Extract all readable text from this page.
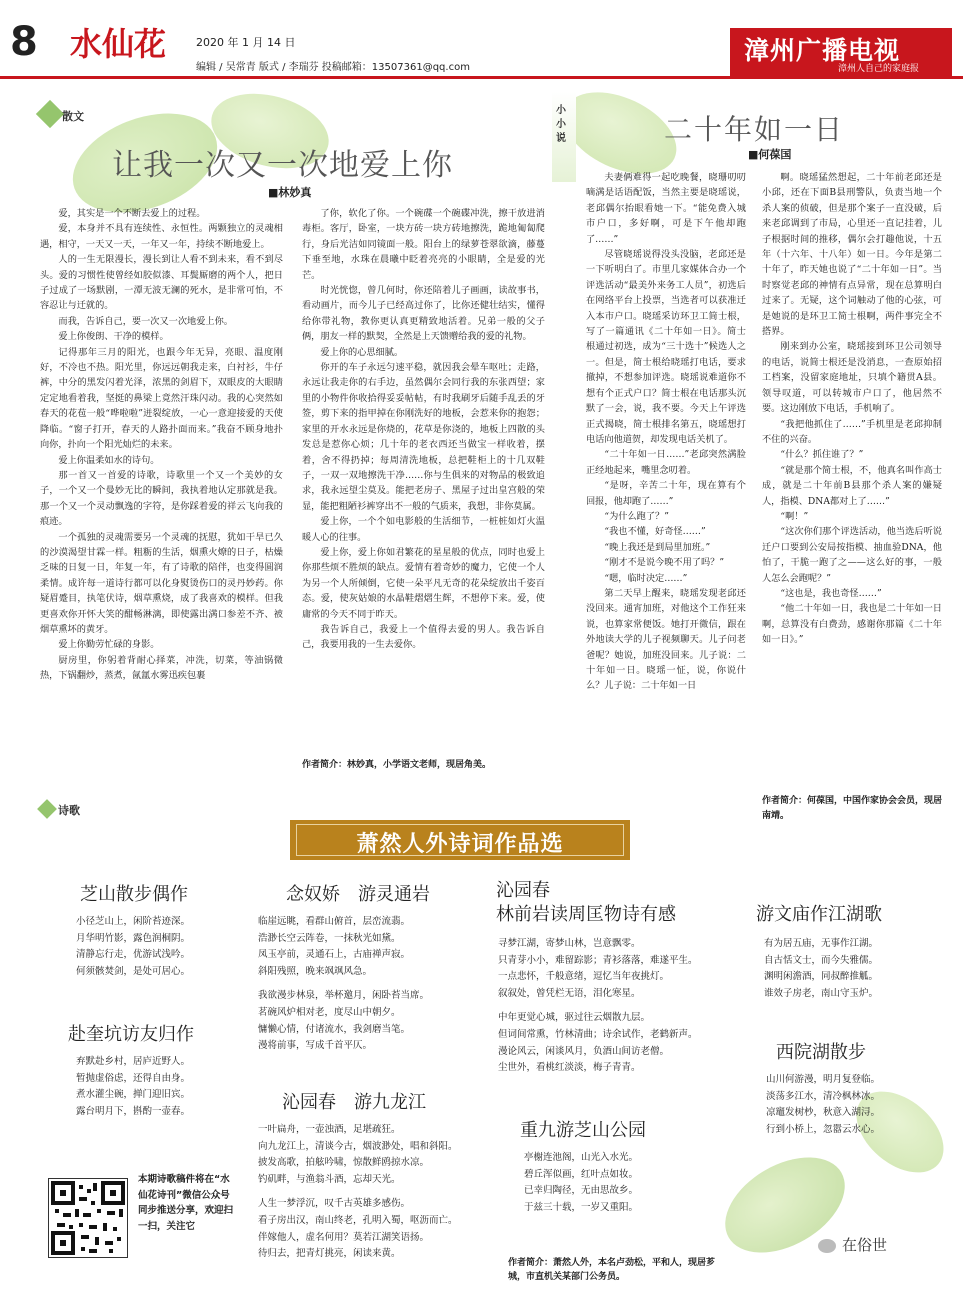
8 水仙花	2020 年 1 月 14 日
编辑 / 吴常青 版式 / 李瑞芬 投稿邮箱：13507361@qq.com
漳州广播电视
漳州人自己的家庭报
散文
让我一次又一次地爱上你
■林妙真

爱，其实是一个不断去爱上的过程。

爱，本身并不具有连续性、永恒性。两颗独立的灵魂相遇，相守，一天又一天，一年又一年，持续不断地爱上。

人的一生无限漫长，漫长到让人看不到未来，看不到尽头。爱的习惯性使曾经如胶似漆、耳鬓厮磨的两个人，把日子过成了一场默剧，一潭无波无澜的死水，是非常可怕，不容忍让与迁就的。

而我，告诉自己，要一次又一次地爱上你。

爱上你俊朗、干净的模样。

记得那年三月的阳光，也跟今年无异，亮眼、温度刚好，不冷也不热。阳光里，你远远朝我走来，白衬衫，牛仔裤，中分的黑发闪着光泽，浓黑的剑眉下，双眼皮的大眼睛定定地看着我，坚挺的鼻梁上竟然汗珠闪动。我的心突然如春天的花苞一般“哗啦啦”迸裂绽放，一心一意迎接爱的天使降临。“窗子打开，春天的人路扑面而来。”我奋不顾身地扑向你，扑向一个阳光灿烂的未来。

爱上你温柔如水的诗句。

那一首又一首爱的诗歌，诗歌里一个又一个美妙的女子，一个又一个曼妙无比的瞬间，我执着地认定那就是我。那一个又一个灵动飘逸的字符，是你踩着爱的祥云飞向我的痕迹。

一个孤独的灵魂需要另一个灵魂的抚慰，犹如干旱已久的沙漠渴望甘霖一样。粗粝的生活，烟熏火燎的日子，枯燥乏味的日复一日，年复一年，有了诗歌的陪伴，也变得圆润柔情。成许每一道诗行都可以化身熨烫伤口的灵丹妙药。你疑眉蹙目，执笔伏诗，烟草熏烧，成了我喜欢的模样。但我更喜欢你开怀大笑的酣畅淋漓，即使露出满口参差不齐、被烟草熏坏的黄牙。

爱上你勤劳忙碌的身影。

厨房里，你躬着背耐心择菜，冲洗，切菜，等油锅微热，下锅翻炒，蒸煮，氤氲水雾迅疾包裹

了你，软化了你。一个碗碟一个碗碟冲洗，擦干放进消毒柜。客厅，卧室，一块方砖一块方砖地擦洗，跪地匍匐爬行，身后光洁如同镜面一般。阳台上的绿萝苍翠欲滴，藤蔓下垂至地，水珠在晨曦中眨着亮亮的小眼睛，全是爱的光芒。

时光恍惚，曾几何时，你还陪着儿子画画，读故事书，看动画片，而今儿子已经高过你了，比你还健壮结实，懂得给你带礼物，教你更认真更精致地活着。兄弟一般的父子俩，朋友一样的默契，全然是上天馈赠给我的爱的礼物。

爱上你的心思细腻。

你开的车子永远匀速平稳，就因我会晕车呕吐；走路，永远让我走你的右手边，虽然偶尔会同行我的东张西望；家里的小物件你收拾得妥妥帖帖，有时我刷牙后随手乱丢的牙签，剪下来的指甲掉在你刚洗好的地板，会惹来你的抱怨；家里的开水永远是你烧的，花草是你浇的，地板上四散的头发总是惹你心烦；几十年的老衣西还当做宝一样收着，摆着，舍不得扔掉；每周清洗地板，总把鞋柜上的十几双鞋子，一双一双地擦洗干净……你与生俱来的对物品的极致追求，我永远望尘莫及。能把老房子、黑屋子过出皇宫般的荣显，能把粗陋衫裤穿出不一般的气质来，我想，非你莫属。

爱上你，一个个如电影般的生活细节，一桩桩如灯火温暖人心的往事。

爱上你，爱上你如君繁花的星星般的优点，同时也爱上你那些烦不胜烦的缺点。爱情有着奇妙的魔力，它使一个人为另一个人所倾倒，它使一朵平凡无奇的花朵绽放出千姿百态。爱，使灰姑娘的水晶鞋熠熠生辉，不想停下来。爱，使庸常的今天不同于昨天。

我告诉自己，我爱上一个值得去爱的男人。我告诉自己，我要用我的一生去爱你。

作者简介：林妙真，小学语文老师，现居角美。

小小说	二十年如一日
■何葆国

夫妻俩难得一起吃晚餐，晓珊叨叨嘀满是话语配饭，当然主要是晓瑶说，老邱偶尔抬眼看她一下。“能免费入城市户口，多好啊，可是下午他却跑了……”

尽管晓瑶说得没头没脑，老邱还是一下听明白了。市里几家媒体合办一个评选活动“最美外来务工人员”，初选后在网络平台上投票，当选者可以获准迁入本市户口。晓瑶采访环卫工简士根，写了一篇通讯《二十年如一日》。简士根通过初选，成为“三十选十”候选人之一。但是，简士根给晓瑶打电话，要求撤掉，不想参加评选。晓瑶说难道你不想有个正式户口？简士根在电话那头沉默了一会，说，我不要。今天上午评选正式揭晓，简士根排名第五，晓瑶想打电话向他道贺，却发现电话关机了。

“二十年如一日……”老邱突然满脸正经地起来，嘴里念叨着。

“是呀，辛苦二十年，现在算有个回报，他却跑了……”

“为什么跑了？”

“我也不懂，好奇怪……”

“晚上我还是到局里加班。”

“刚才不是说今晚不用了吗？”

“嗯，临时决定……”

第二天早上醒来，晓瑶发现老邱还没回来。通宵加班，对他这个工作狂来说，也算家常便饭。她打开微信，跟在外地读大学的儿子视频聊天。儿子问老爸呢？她说，加班没回来。儿子说：二十年如一日。晓瑶一怔，说，你说什么？儿子说：二十年如一日

啊。晓瑶猛然想起，二十年前老邱还是小邱，还在下面B县刑警队，负责当地一个杀人案的侦破，但是那个案子一直没破，后来老邱调到了市局，心里还一直记挂着，儿子根据时间的推移，偶尔会打趣他说，十五年（十六年、十八年）如一日。今年是第二十年了，昨天她也说了“二十年如一日”。当时察觉老邱的神情有点异常，现在总算明白过来了。无疑，这个词触动了他的心弦，可是她说的是环卫工简士根啊，两件事完全不搭界。

刚来到办公室，晓瑶接到环卫公司领导的电话，说简士根还是没消息，一查原始招工档案，没留家庭地址，只填个籍贯A县。领导叹道，可以转城市户口了，他居然不要。这边刚放下电话，手机响了。

“我把他抓住了……”手机里是老邱抑制不住的兴奋。

“什么？抓住谁了？”

“就是那个简士根，不，他真名叫作高士成，就是二十年前B县那个杀人案的嫌疑人，指模、DNA都对上了……”

“啊！”

“这次你们那个评选活动，他当选后听说迁户口要到公安局按指模、抽血验DNA，他怕了，干脆一跑了之——这么好的事，一般人怎么会跑呢？”

“这也是，我也奇怪……”

“他二十年如一日，我也是二十年如一日啊，总算没有白费劲，感谢你那篇《二十年如一日》。”

作者简介：何葆国，中国作家协会会员，现居南靖。

诗歌
萧然人外诗词作品选
芝山散步偶作
小径芝山上，闲阶苔迹深。
月华明竹影，露色润桐阴。
清静忘行走，优游试浅吟。
何须骸焚剑，是处可居心。
赴奎坑访友归作
弃默赴乡村，居庐近野人。
暂抛虚俗虑，还得自由身。
煮水灌尘碗，掸门迎旧宾。
露台明月下，斟酌一壶春。
念奴娇　游灵通岩
临崖远眺，看群山俯首，层峦流翡。
浩渺长空云阵卷，一抹秋光如黛。
凤玉亭前，灵通石上，古庙禅声寂。
斜阳残照，晚来飒飒风急。

我欲漫步林泉，举杯邀月，闲卧苔当席。
茗碗风炉相对老，度尽山中朝夕。
慵懒心情，付诸流水，我剑磨当笔。
漫将前事，写成千首平仄。
沁园春　游九龙江
一叶扁舟，一壶浊酒，足堪疏狂。
向九龙江上，清谈今古，烟波渺处，唱和斜阳。
披发高歌，拍舷吟啸，惊散鲜鸥掠水凉。
钓矶畔，与渔翁斗酒，忘却天光。

人生一梦浮沉，叹千古英雄多感伤。
看子房出汉，南山终老，孔明入蜀，呕沥而亡。
伴嫁他人，虚名何用？莫若江湖笑语扬。
待归去，把青灯挑亮，闲读来黄。
沁园春
林前岩读周匡物诗有感
寻梦江湖，寄梦山林，岂意飘零。
只青芽小小，难留踪影；青衫落落，难遂平生。
一点悲怀，千般意绪，逗忆当年夜挑灯。
叙叙处，曾凭栏无语，泪化寒星。

中年更觉心城，驱过往云烟散九层。
但词间常熏，竹林清曲；诗余试作，老鹤新声。
漫论风云，闲谈风月，负酒山间访老僧。
尘世外，看桃红淡淡，梅子青青。
重九游芝山公园
亭榭连池阁，山光入水光。
碧丘浑似画，红叶点如妆。
已幸归陶径，无由思故乡。
于兹三十载，一岁又重阳。
游文庙作江湖歌
有为居五庙，无事作江湖。
自古恬文士，而今失雅儒。
渊明闲澹酒，同叔醉推觚。
谁效子房老，南山守玉炉。
西院湖散步
山川何游漫，明月复登临。
淡荡多江水，清冷枫林冰。
凉竈发树杪，秋意入湖浔。
行到小桥上，忽嚣云水心。
作者简介：萧然人外，本名卢劲松，平和人，现居芗城，市直机关某部门公务员。
本期诗歌稿件将在“水仙花诗刊”微信公众号同步推送分享，欢迎扫一扫，关注它
在俗世
